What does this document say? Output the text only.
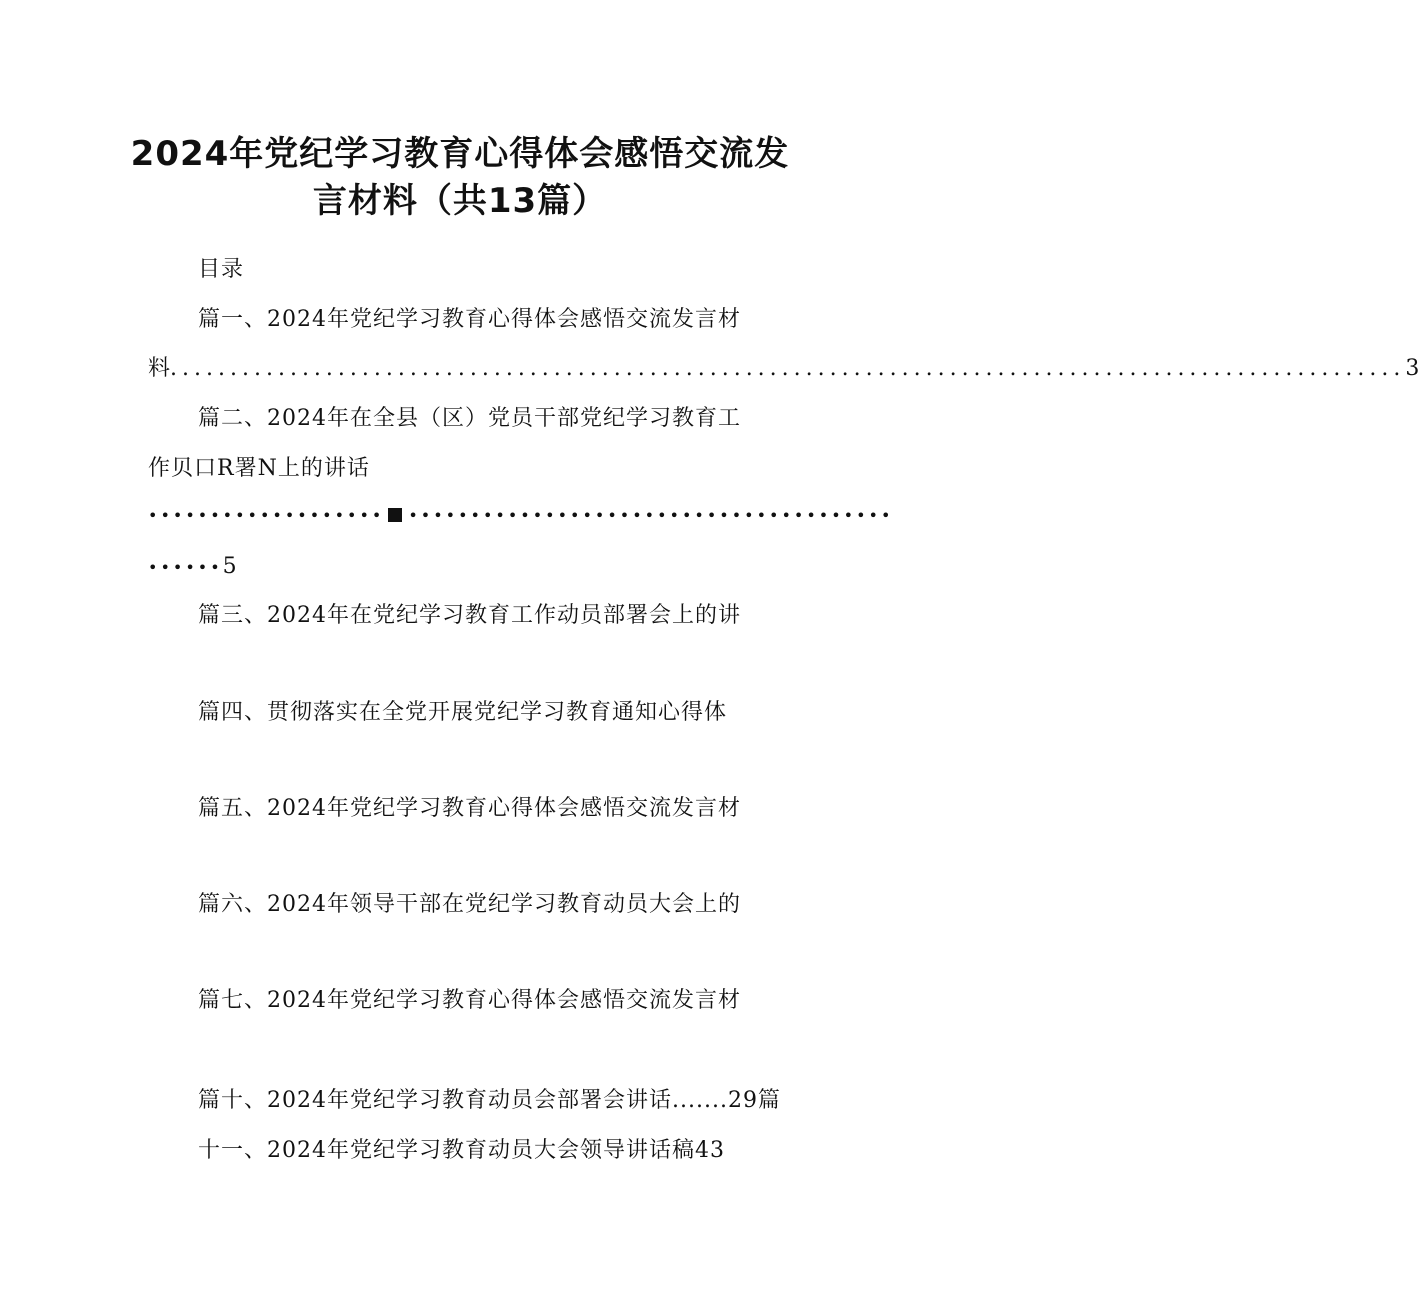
2024年党纪学习教育心得体会感悟交流发
言材料（共13篇）
目录
篇一、2024年党纪学习教育心得体会感悟交流发言材
料 ....................................................................................................... 3
篇二、2024年在全县（区）党员干部党纪学习教育工
作贝口R署N上的讲话
••••••••••••••••••• •••••••••••••••••••••••••••••••••••••••
••••••5
篇三、2024年在党纪学习教育工作动员部署会上的讲
篇四、贯彻落实在全党开展党纪学习教育通知心得体
篇五、2024年党纪学习教育心得体会感悟交流发言材
篇六、2024年领导干部在党纪学习教育动员大会上的
篇七、2024年党纪学习教育心得体会感悟交流发言材
篇十、2024年党纪学习教育动员会部署会讲话.......29篇
十一、2024年党纪学习教育动员大会领导讲话稿43
